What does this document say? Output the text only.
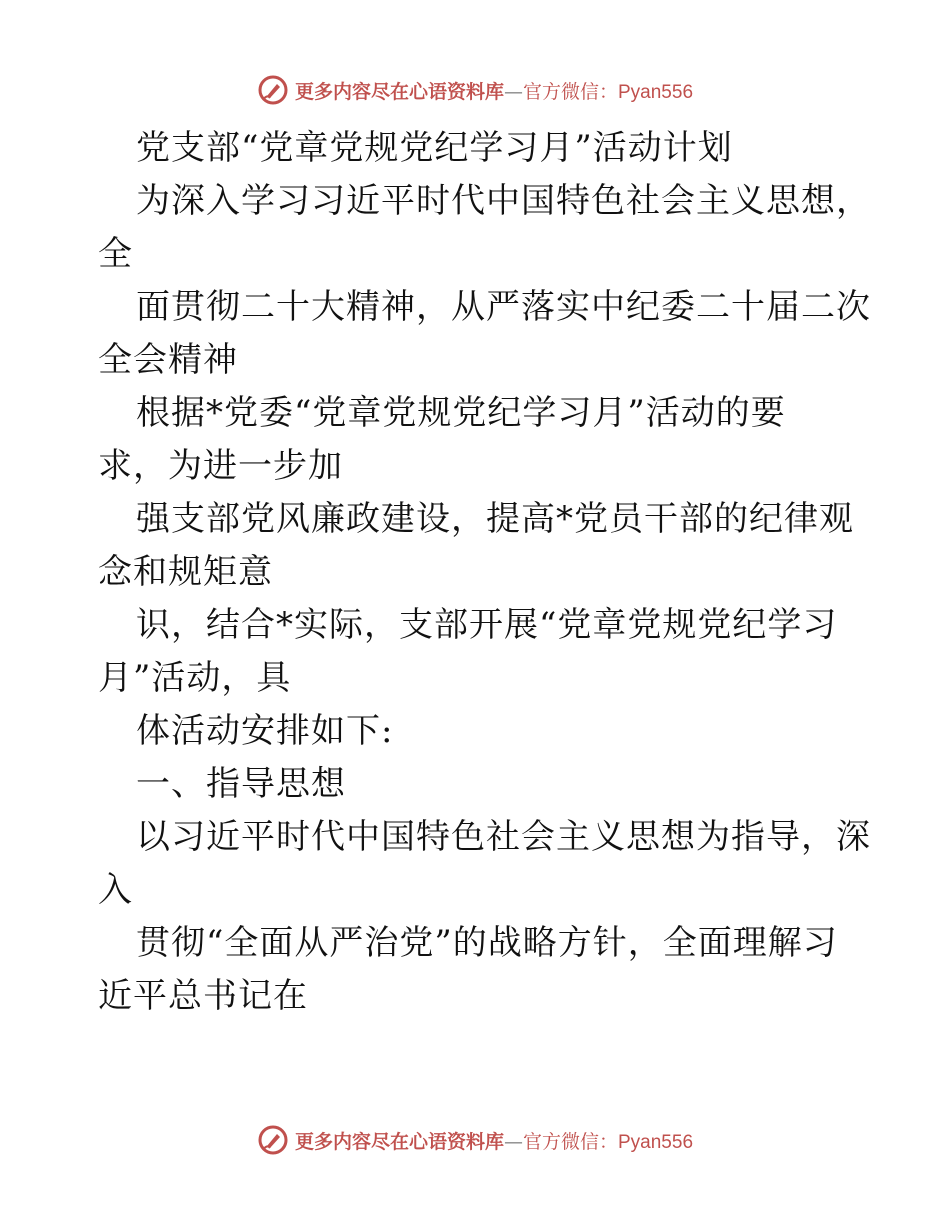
更多内容尽在心语资料库—官方微信：Pyan556
党支部“党章党规党纪学习月”活动计划
为深入学习习近平时代中国特色社会主义思想，
全
面贯彻二十大精神，从严落实中纪委二十届二次
全会精神
根据*党委“党章党规党纪学习月”活动的要
求，为进一步加
强支部党风廉政建设，提高*党员干部的纪律观
念和规矩意
识，结合*实际，支部开展“党章党规党纪学习
月”活动，具
体活动安排如下:
一、指导思想
以习近平时代中国特色社会主义思想为指导，深
入
贯彻“全面从严治党”的战略方针，全面理解习
近平总书记在
更多内容尽在心语资料库—官方微信：Pyan556
